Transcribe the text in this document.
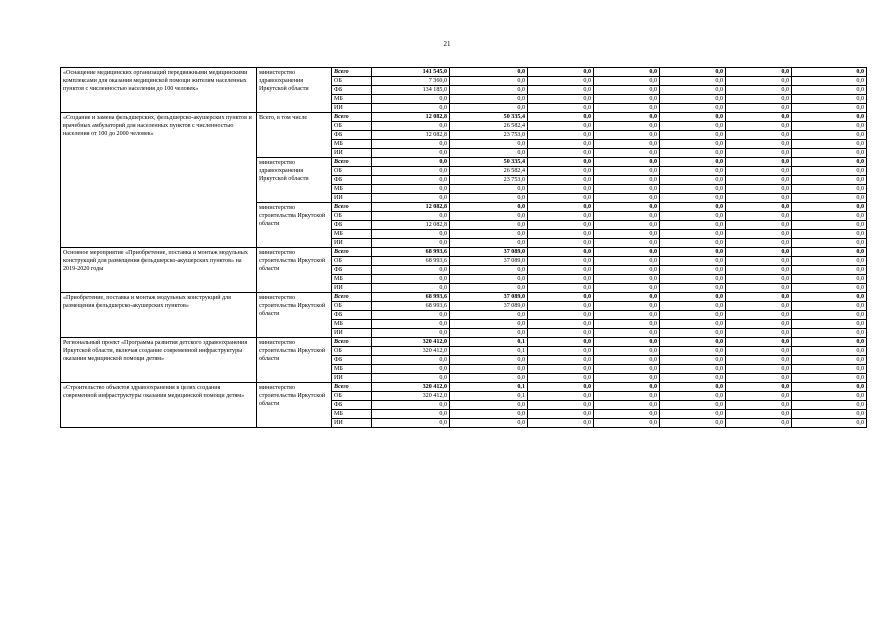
21
«Оснащение медицинских организаций передвижными медицинскими комплексами для оказания медицинской помощи жителям населенных пунктов с численностью населения до 100 человек»	министерство здравоохранения Иркутской области	Всего	141 545,0	0,0	0,0	0,0	0,0	0,0	0,0
		ОБ	7 360,0	0,0	0,0	0,0	0,0	0,0	0,0
		ФБ	134 185,0	0,0	0,0	0,0	0,0	0,0	0,0
		МБ	0,0	0,0	0,0	0,0	0,0	0,0	0,0
		ИИ	0,0	0,0	0,0	0,0	0,0	0,0	0,0
«Создание и замена фельдшерских, фельдшерско-акушерских пунктов и врачебных амбулаторий для населенных пунктов с численностью населения от 100 до 2000 человек»	Всего, в том числе	Всего	12 082,8	50 335,4	0,0	0,0	0,0	0,0	0,0
		ОБ	0,0	26 582,4	0,0	0,0	0,0	0,0	0,0
		ФБ	12 082,8	23 753,0	0,0	0,0	0,0	0,0	0,0
		МБ	0,0	0,0	0,0	0,0	0,0	0,0	0,0
		ИИ	0,0	0,0	0,0	0,0	0,0	0,0	0,0
	министерство здравоохранения Иркутской области	Всего	0,0	50 335,4	0,0	0,0	0,0	0,0	0,0
		ОБ	0,0	26 582,4	0,0	0,0	0,0	0,0	0,0
		ФБ	0,0	23 753,0	0,0	0,0	0,0	0,0	0,0
		МБ	0,0	0,0	0,0	0,0	0,0	0,0	0,0
		ИИ	0,0	0,0	0,0	0,0	0,0	0,0	0,0
	министерство строительства Иркутской области	Всего	12 082,8	0,0	0,0	0,0	0,0	0,0	0,0
		ОБ	0,0	0,0	0,0	0,0	0,0	0,0	0,0
		ФБ	12 082,8	0,0	0,0	0,0	0,0	0,0	0,0
		МБ	0,0	0,0	0,0	0,0	0,0	0,0	0,0
		ИИ	0,0	0,0	0,0	0,0	0,0	0,0	0,0
Основное мероприятие «Приобретение, поставка и монтаж модульных конструкций для размещения фельдшерско-акушерских пунктов» на 2019-2020 годы	министерство строительства Иркутской области	Всего	68 993,6	37 089,0	0,0	0,0	0,0	0,0	0,0
		ОБ	68 993,6	37 089,0	0,0	0,0	0,0	0,0	0,0
		ФБ	0,0	0,0	0,0	0,0	0,0	0,0	0,0
		МБ	0,0	0,0	0,0	0,0	0,0	0,0	0,0
		ИИ	0,0	0,0	0,0	0,0	0,0	0,0	0,0
«Приобретение, поставка и монтаж модульных конструкций для размещения фельдшерско-акушерских пунктов»	министерство строительства Иркутской области	Всего	68 993,6	37 089,0	0,0	0,0	0,0	0,0	0,0
		ОБ	68 993,6	37 089,0	0,0	0,0	0,0	0,0	0,0
		ФБ	0,0	0,0	0,0	0,0	0,0	0,0	0,0
		МБ	0,0	0,0	0,0	0,0	0,0	0,0	0,0
		ИИ	0,0	0,0	0,0	0,0	0,0	0,0	0,0
Региональный проект «Программа развития детского здравоохранения Иркутской области, включая создание современной инфраструктуры оказания медицинской помощи детям»	министерство строительства Иркутской области	Всего	320 412,0	0,1	0,0	0,0	0,0	0,0	0,0
		ОБ	320 412,0	0,1	0,0	0,0	0,0	0,0	0,0
		ФБ	0,0	0,0	0,0	0,0	0,0	0,0	0,0
		МБ	0,0	0,0	0,0	0,0	0,0	0,0	0,0
		ИИ	0,0	0,0	0,0	0,0	0,0	0,0	0,0
«Строительство объектов здравоохранения в целях создания современной инфраструктуры оказания медицинской помощи детям»	министерство строительства Иркутской области	Всего	320 412,0	0,1	0,0	0,0	0,0	0,0	0,0
		ОБ	320 412,0	0,1	0,0	0,0	0,0	0,0	0,0
		ФБ	0,0	0,0	0,0	0,0	0,0	0,0	0,0
		МБ	0,0	0,0	0,0	0,0	0,0	0,0	0,0
		ИИ	0,0	0,0	0,0	0,0	0,0	0,0	0,0
